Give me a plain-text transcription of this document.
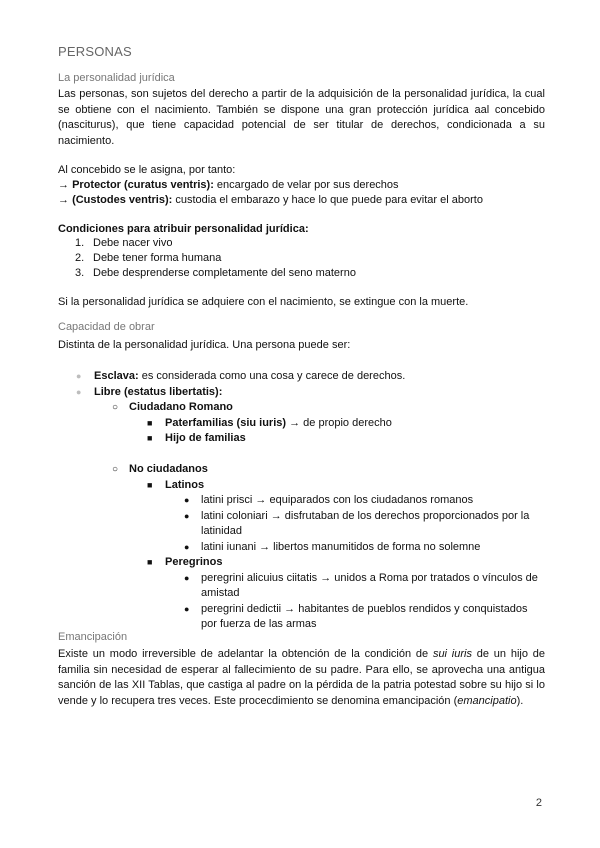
PERSONAS
La personalidad jurídica
Las personas, son sujetos del derecho a partir de la adquisición de la personalidad jurídica, la cual se obtiene con el nacimiento. También se dispone una gran protección jurídica aal concebido (nasciturus), que tiene capacidad potencial de ser titular de derechos, condicionada a su nacimiento.
Al concebido se le asigna, por tanto:
→ Protector (curatus ventris): encargado de velar por sus derechos
→ (Custodes ventris): custodia el embarazo y hace lo que puede para evitar el aborto
Condiciones para atribuir personalidad jurídica:
1. Debe nacer vivo
2. Debe tener forma humana
3. Debe desprenderse completamente del seno materno
Si la personalidad jurídica se adquiere con el nacimiento, se extingue con la muerte.
Capacidad de obrar
Distinta de la personalidad jurídica. Una persona puede ser:
● Esclava: es considerada como una cosa y carece de derechos.
● Libre (estatus libertatis):
○ Ciudadano Romano
■ Paterfamilias (siu iuris) → de propio derecho
■ Hijo de familias
○ No ciudadanos
■ Latinos
● latini prisci → equiparados con los ciudadanos romanos
● latini coloniari → disfrutaban de los derechos proporcionados por la
latinidad
● latini iunani → libertos manumitidos de forma no solemne
■ Peregrinos
● peregrini alicuius ciitatis → unidos a Roma por tratados o vínculos de
amistad
● peregrini dedictii → habitantes de pueblos rendidos y conquistados
por fuerza de las armas
Emancipación
Existe un modo irreversible de adelantar la obtención de la condición de sui iuris de un hijo de familia sin necesidad de esperar al fallecimiento de su padre. Para ello, se aprovecha una antigua sanción de las XII Tablas, que castiga al padre on la pérdida de la patria potestad sobre su hijo si lo vende y lo recupera tres veces. Este procecdimiento se denomina emancipación (emancipatio).
2
